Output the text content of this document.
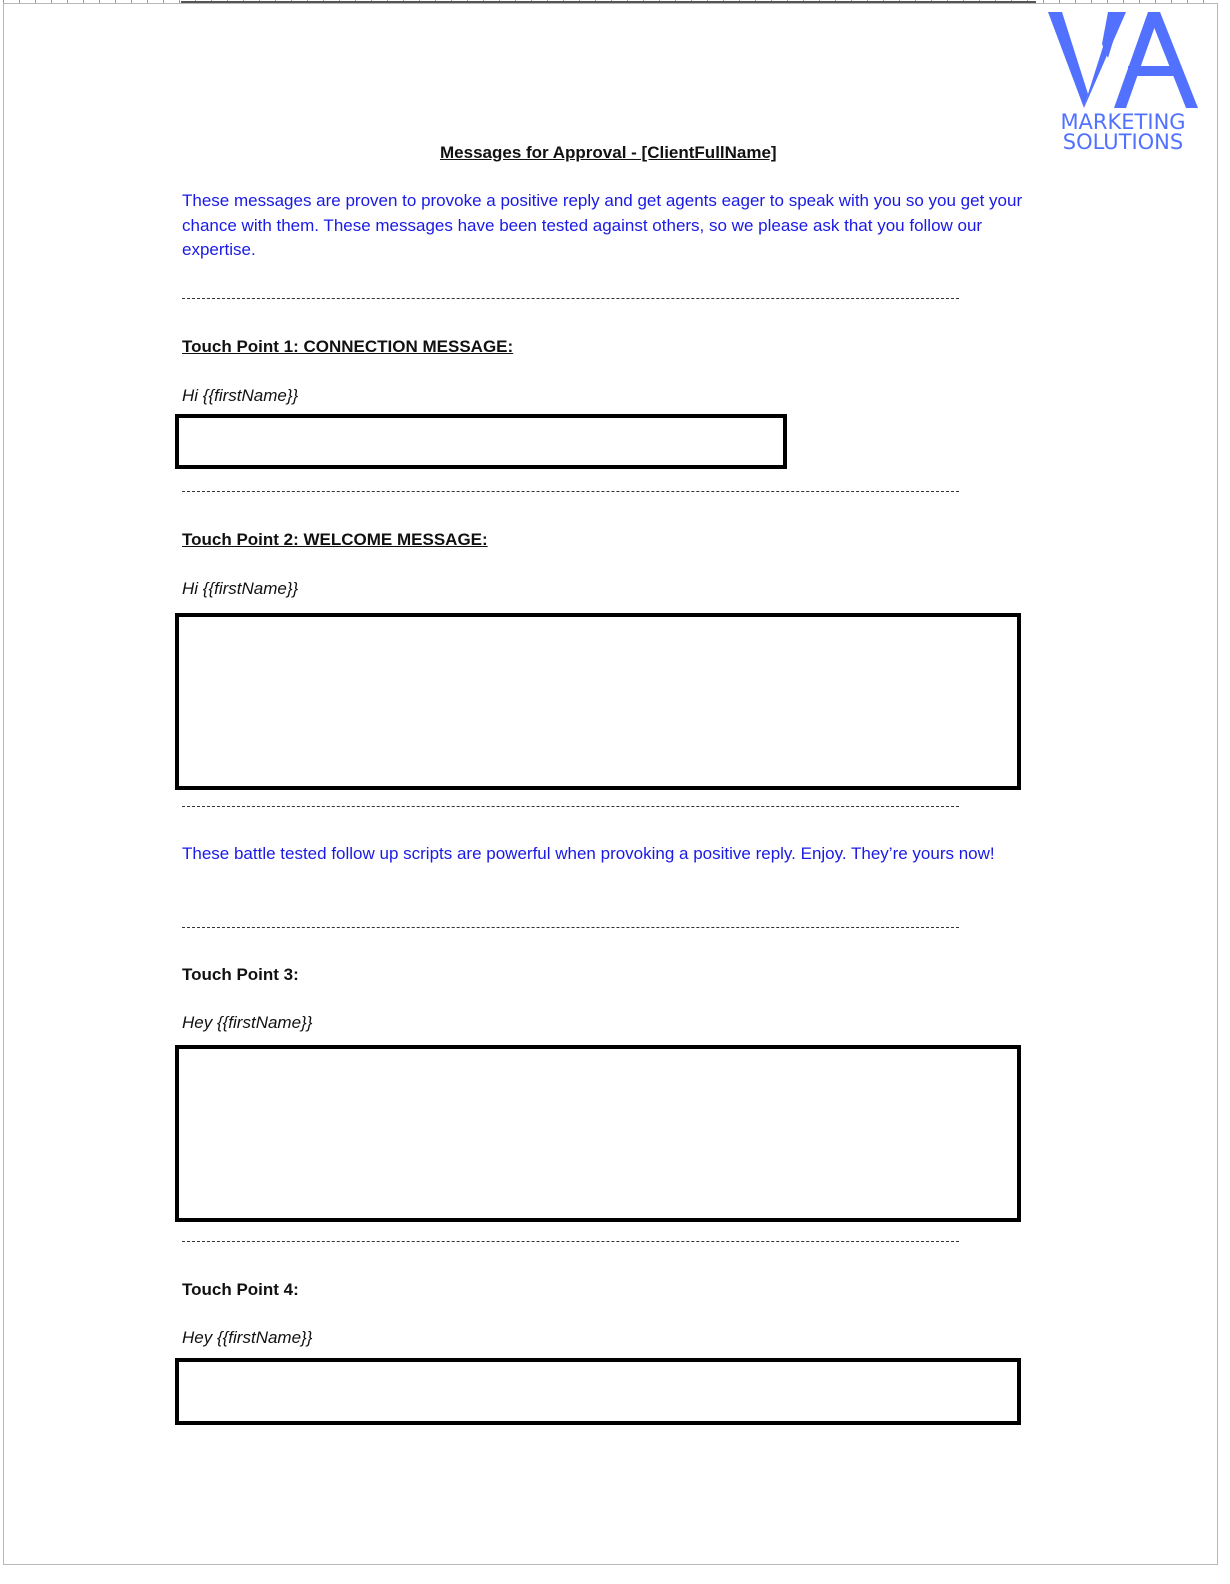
MARKETING
SOLUTIONS
Messages for Approval - [ClientFullName]
These messages are proven to provoke a positive reply and get agents eager to speak with you so you get your chance with them. These messages have been tested against others, so we please ask that you follow our expertise.
Touch Point 1: CONNECTION MESSAGE:
Hi {{firstName}}
Touch Point 2: WELCOME MESSAGE:
Hi {{firstName}}
These battle tested follow up scripts are powerful when provoking a positive reply. Enjoy. They’re yours now!
Touch Point 3:
Hey {{firstName}}
Touch Point 4:
Hey {{firstName}}
